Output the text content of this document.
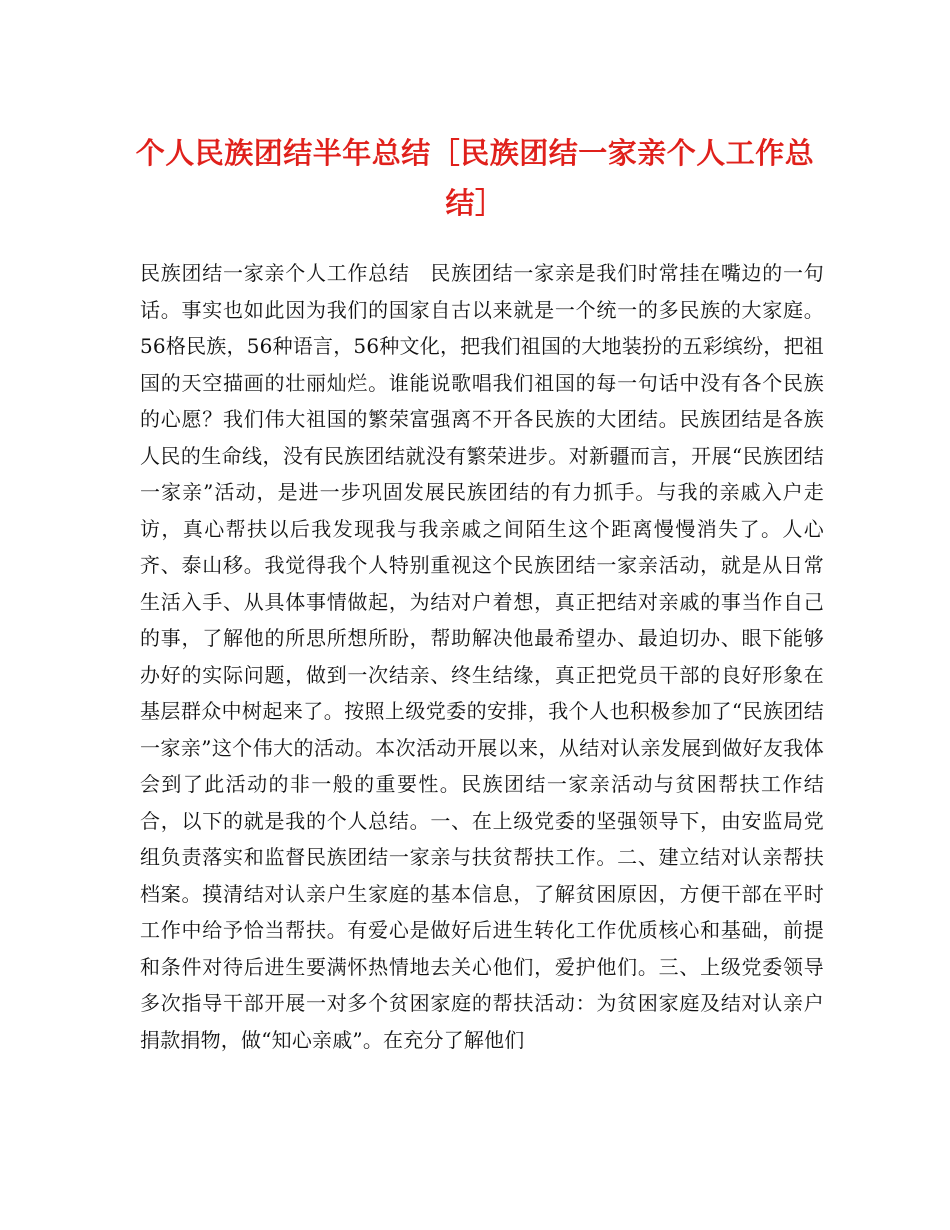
个人民族团结半年总结［民族团结一家亲个人工作总结］

民族团结一家亲个人工作总结　民族团结一家亲是我们时常挂在嘴边的一句话。事实也如此因为我们的国家自古以来就是一个统一的多民族的大家庭。56格民族，56种语言，56种文化，把我们祖国的大地装扮的五彩缤纷，把祖国的天空描画的壮丽灿烂。谁能说歌唱我们祖国的每一句话中没有各个民族的心愿？我们伟大祖国的繁荣富强离不开各民族的大团结。民族团结是各族人民的生命线，没有民族团结就没有繁荣进步。对新疆而言，开展“民族团结一家亲”活动，是进一步巩固发展民族团结的有力抓手。与我的亲戚入户走访，真心帮扶以后我发现我与我亲戚之间陌生这个距离慢慢消失了。人心齐、泰山移。我觉得我个人特别重视这个民族团结一家亲活动，就是从日常生活入手、从具体事情做起，为结对户着想，真正把结对亲戚的事当作自己的事，了解他的所思所想所盼，帮助解决他最希望办、最迫切办、眼下能够办好的实际问题，做到一次结亲、终生结缘，真正把党员干部的良好形象在基层群众中树起来了。按照上级党委的安排，我个人也积极参加了“民族团结一家亲”这个伟大的活动。本次活动开展以来，从结对认亲发展到做好友我体会到了此活动的非一般的重要性。民族团结一家亲活动与贫困帮扶工作结合，以下的就是我的个人总结。一、在上级党委的坚强领导下，由安监局党组负责落实和监督民族团结一家亲与扶贫帮扶工作。二、建立结对认亲帮扶档案。摸清结对认亲户生家庭的基本信息，了解贫困原因，方便干部在平时工作中给予恰当帮扶。有爱心是做好后进生转化工作优质核心和基础，前提和条件对待后进生要满怀热情地去关心他们，爱护他们。三、上级党委领导多次指导干部开展一对多个贫困家庭的帮扶活动：为贫困家庭及结对认亲户捐款捐物，做“知心亲戚”。在充分了解他们
